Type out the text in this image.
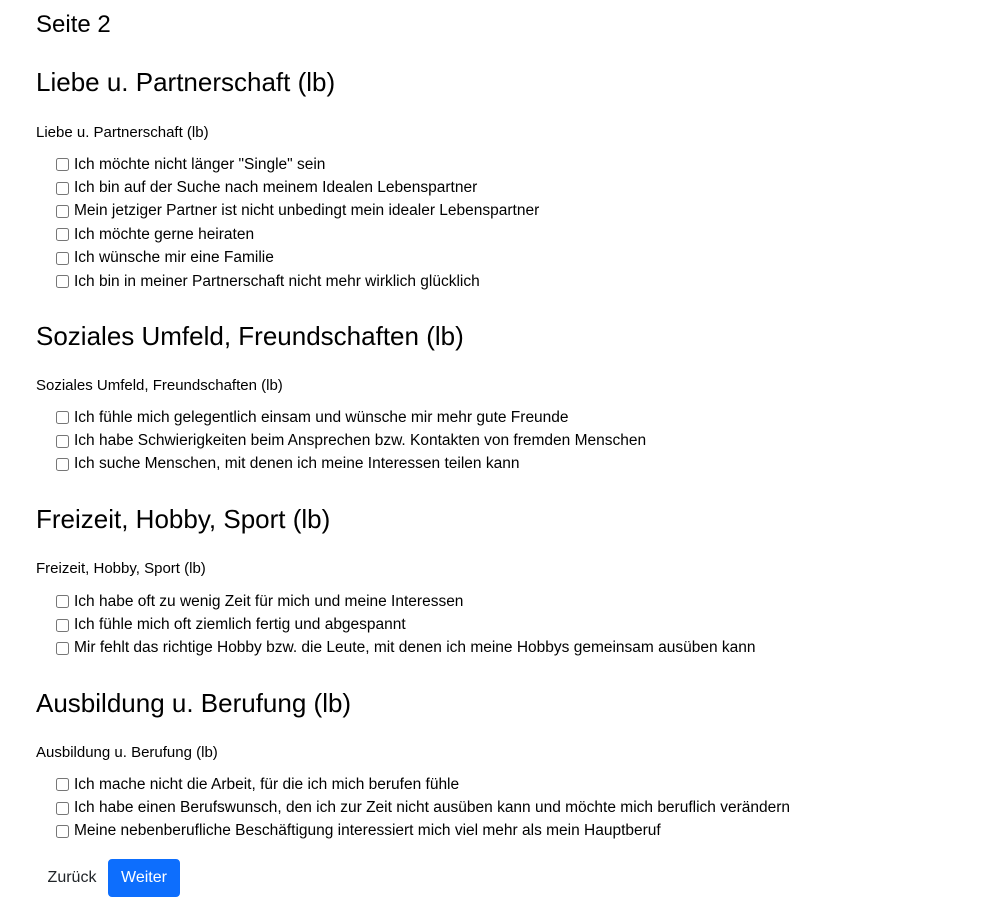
Seite 2
Liebe u. Partnerschaft (lb)
Liebe u. Partnerschaft (lb)
Ich möchte nicht länger "Single" sein
Ich bin auf der Suche nach meinem Idealen Lebenspartner
Mein jetziger Partner ist nicht unbedingt mein idealer Lebenspartner
Ich möchte gerne heiraten
Ich wünsche mir eine Familie
Ich bin in meiner Partnerschaft nicht mehr wirklich glücklich
Soziales Umfeld, Freundschaften (lb)
Soziales Umfeld, Freundschaften (lb)
Ich fühle mich gelegentlich einsam und wünsche mir mehr gute Freunde
Ich habe Schwierigkeiten beim Ansprechen bzw. Kontakten von fremden Menschen
Ich suche Menschen, mit denen ich meine Interessen teilen kann
Freizeit, Hobby, Sport (lb)
Freizeit, Hobby, Sport (lb)
Ich habe oft zu wenig Zeit für mich und meine Interessen
Ich fühle mich oft ziemlich fertig und abgespannt
Mir fehlt das richtige Hobby bzw. die Leute, mit denen ich meine Hobbys gemeinsam ausüben kann
Ausbildung u. Berufung (lb)
Ausbildung u. Berufung (lb)
Ich mache nicht die Arbeit, für die ich mich berufen fühle
Ich habe einen Berufswunsch, den ich zur Zeit nicht ausüben kann und möchte mich beruflich verändern
Meine nebenberufliche Beschäftigung interessiert mich viel mehr als mein Hauptberuf
Zurück	Weiter
